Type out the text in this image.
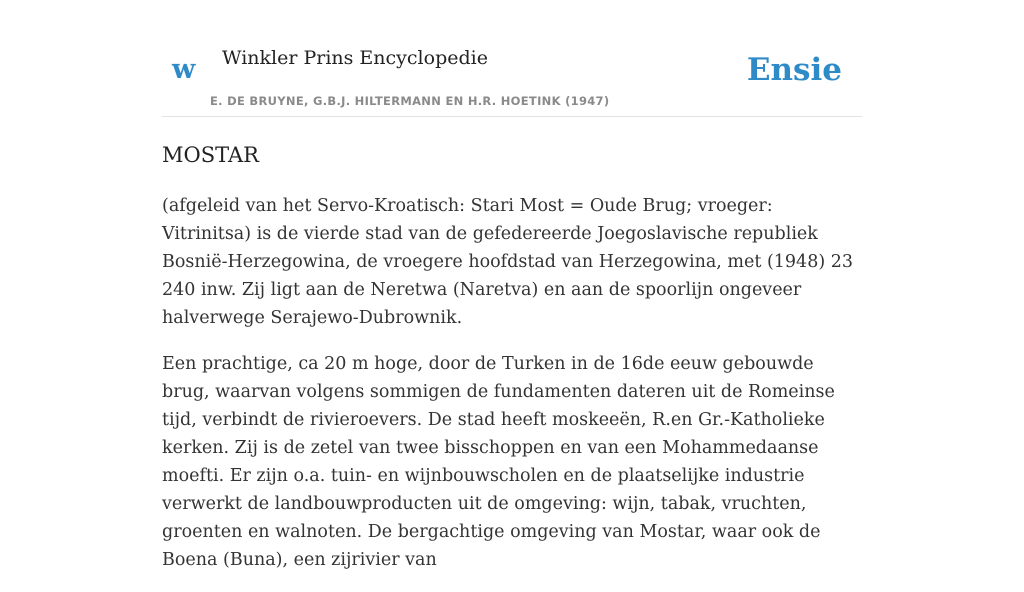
w Winkler Prins Encyclopedie
E. DE BRUYNE, G.B.J. HILTERMANN EN H.R. HOETINK (1947)
Ensie
MOSTAR

(afgeleid van het Servo-Kroatisch: Stari Most = Oude Brug; vroeger: Vitrinitsa) is de vierde stad van de gefedereerde Joegoslavische republiek Bosnië-Herzegowina, de vroegere hoofdstad van Herzegowina, met (1948) 23 240 inw. Zij ligt aan de Neretwa (Naretva) en aan de spoorlijn ongeveer halverwege Serajewo-Dubrownik.

Een prachtige, ca 20 m hoge, door de Turken in de 16de eeuw gebouwde brug, waarvan volgens sommigen de fundamenten dateren uit de Romeinse tijd, verbindt de rivieroevers. De stad heeft moskeeën, R.en Gr.-Katholieke kerken. Zij is de zetel van twee bisschoppen en van een Mohammedaanse moefti. Er zijn o.a. tuin- en wijnbouwscholen en de plaatselijke industrie verwerkt de landbouwproducten uit de omgeving: wijn, tabak, vruchten, groenten en walnoten. De bergachtige omgeving van Mostar, waar ook de Boena (Buna), een zijrivier van
